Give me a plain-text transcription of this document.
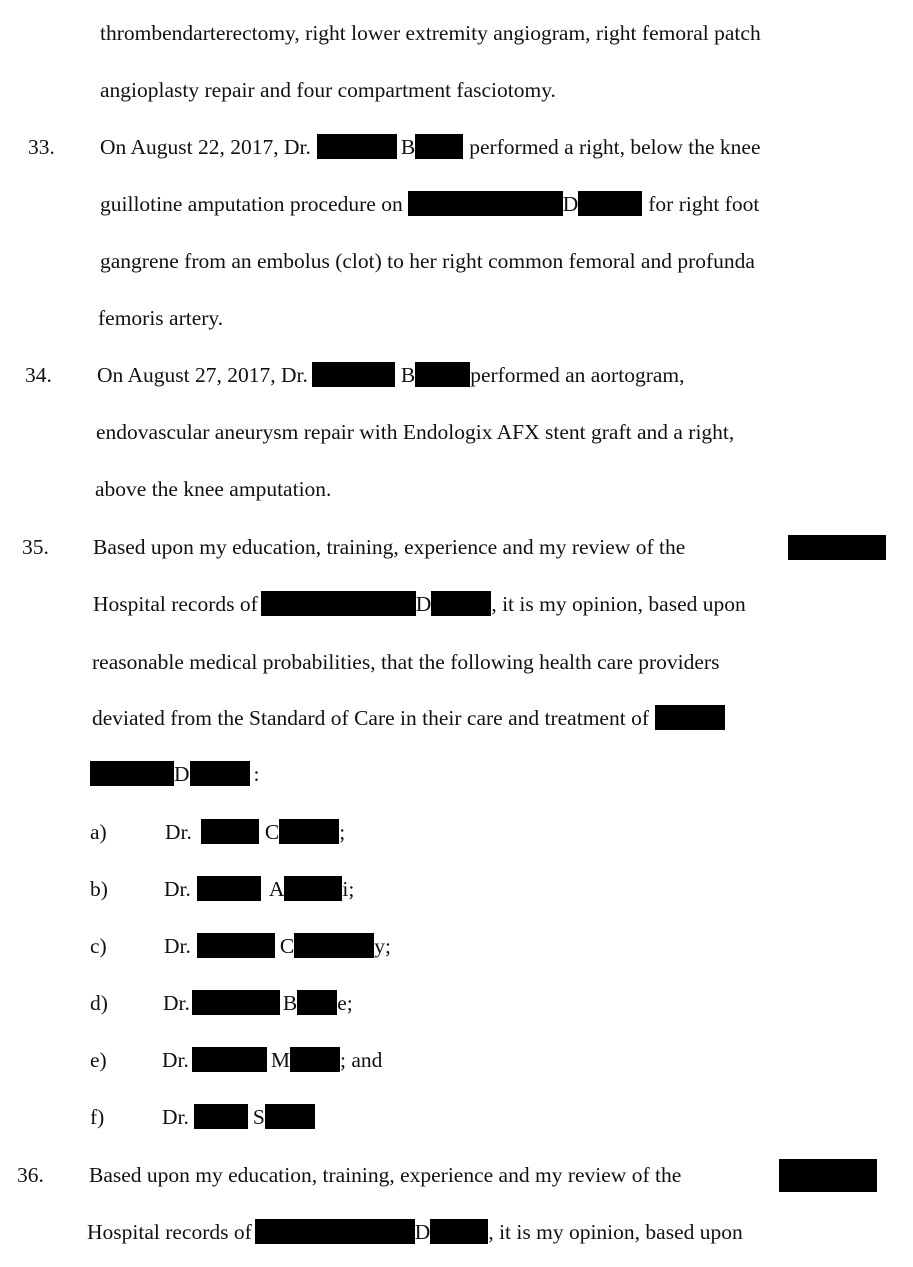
thrombendarterectomy, right lower extremity angiogram, right femoral patch
angioplasty repair and four compartment fasciotomy.
33. On August 22, 2017, Dr.	B	performed a right, below the knee
guillotine amputation procedure on	D	for right foot
gangrene from an embolus (clot) to her right common femoral and profunda
femoris artery.
34. On August 27, 2017, Dr.	B	performed an aortogram,
endovascular aneurysm repair with Endologix AFX stent graft and a right,
above the knee amputation.
35. Based upon my education, training, experience and my review of the
Hospital records of	D	, it is my opinion, based upon
reasonable medical probabilities, that the following health care providers
deviated from the Standard of Care in their care and treatment of
D	:
a)	Dr.	C	;
b)	Dr.	A	i;
c)	Dr.	C	y;
d)	Dr.	B e;
e)	Dr.	M ; and
f)	Dr.	S
36. Based upon my education, training, experience and my review of the
Hospital records of	D	, it is my opinion, based upon
